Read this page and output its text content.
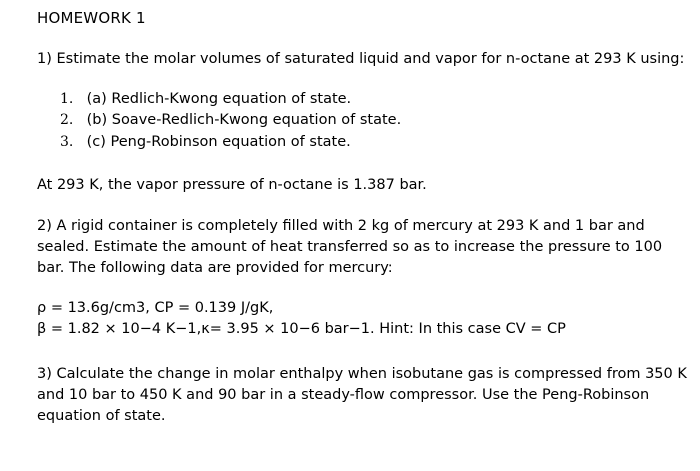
HOMEWORK 1
1) Estimate the molar volumes of saturated liquid and vapor for n-octane at 293 K using:
1. (a) Redlich-Kwong equation of state.
2. (b) Soave-Redlich-Kwong equation of state.
3. (c) Peng-Robinson equation of state.
At 293 K, the vapor pressure of n-octane is 1.387 bar.
2) A rigid container is completely filled with 2 kg of mercury at 293 K and 1 bar and
sealed. Estimate the amount of heat transferred so as to increase the pressure to 100
bar. The following data are provided for mercury:
ρ = 13.6g/cm3, CP = 0.139 J/gK,
β = 1.82 × 10−4 K−1,κ= 3.95 × 10−6 bar−1. Hint: In this case CV = CP
3) Calculate the change in molar enthalpy when isobutane gas is compressed from 350 K
and 10 bar to 450 K and 90 bar in a steady-flow compressor. Use the Peng-Robinson
equation of state.
